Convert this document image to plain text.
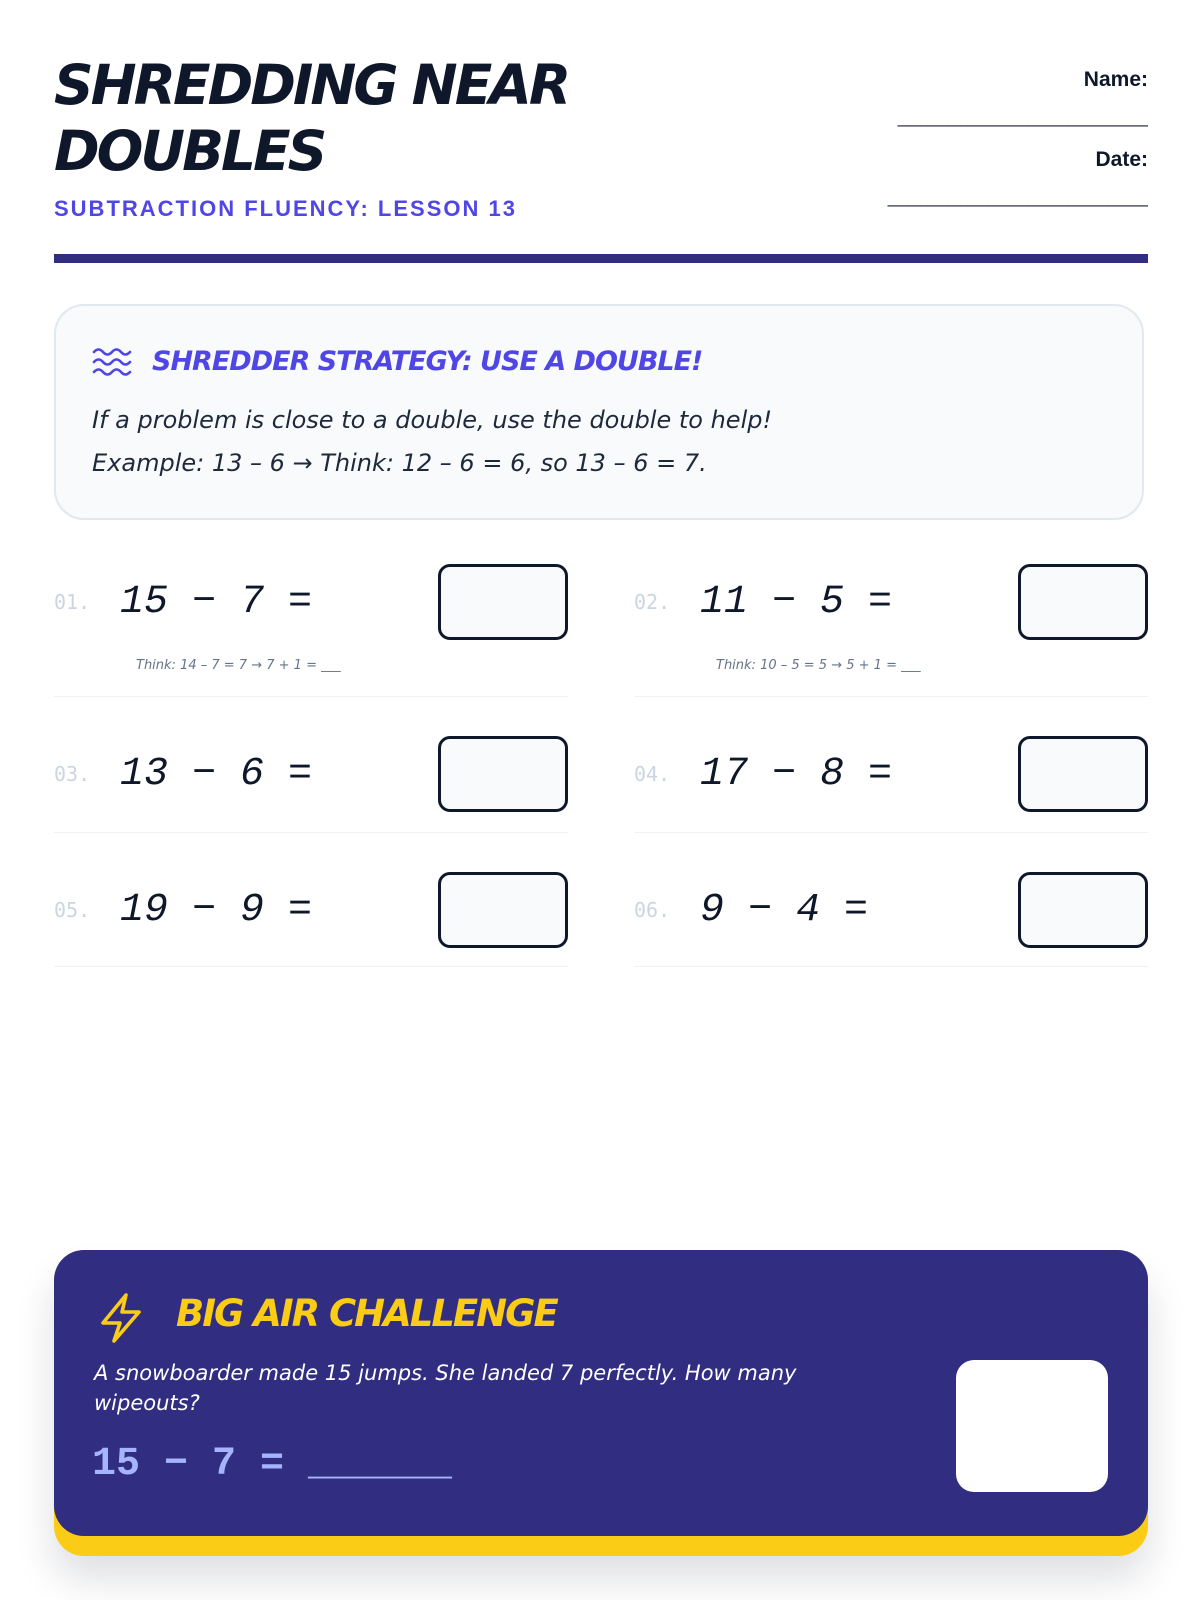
SHREDDING NEAR DOUBLES
SUBTRACTION FLUENCY: LESSON 13
Name:
_________________________
Date:
__________________________
SHREDDER STRATEGY: USE A DOUBLE!
If a problem is close to a double, use the double to help!
Example: 13 – 6 → Think: 12 – 6 = 6, so 13 – 6 = 7.
01. 15 − 7 =
Think: 14 – 7 = 7 → 7 + 1 = ___
02. 11 − 5 =
Think: 10 – 5 = 5 → 5 + 1 = ___
03. 13 − 6 =	04. 17 − 8 =
05. 19 − 9 =	06. 9 − 4 =
BIG AIR CHALLENGE
A snowboarder made 15 jumps. She landed 7 perfectly. How many wipeouts?
15 − 7 = ______
